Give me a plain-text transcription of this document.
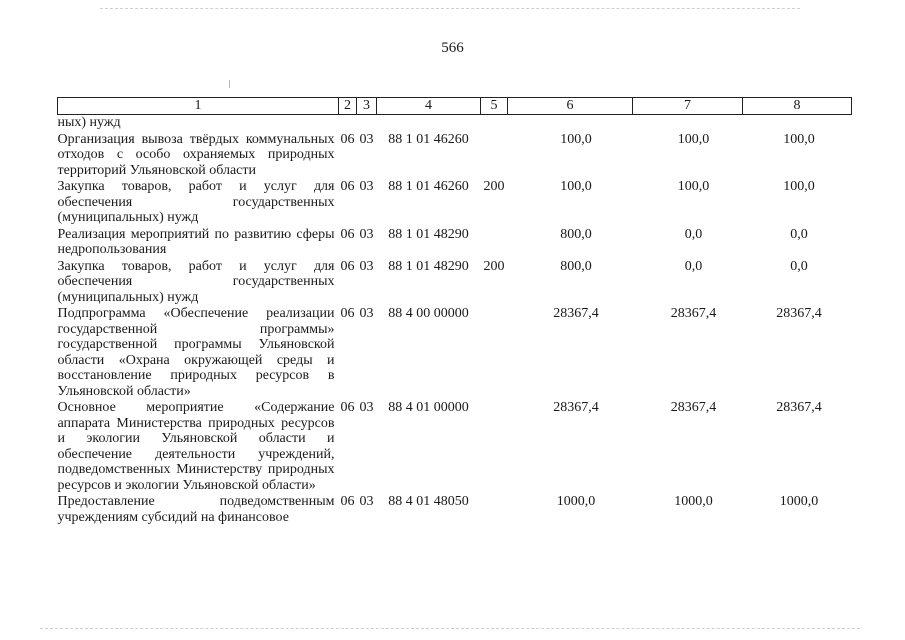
566
1	2	3	4	5	6	7	8
ных) нужд							
Организация вывоза твёрдых коммунальных отходов с особо охраняемых природных территорий Ульяновской области	06	03	88 1 01 46260		100,0	100,0	100,0
Закупка товаров, работ и услуг для обеспечения государственных (муниципальных) нужд	06	03	88 1 01 46260	200	100,0	100,0	100,0
Реализация мероприятий по развитию сферы недропользования	06	03	88 1 01 48290		800,0	0,0	0,0
Закупка товаров, работ и услуг для обеспечения государственных (муниципальных) нужд	06	03	88 1 01 48290	200	800,0	0,0	0,0
Подпрограмма «Обеспечение реализации государственной программы» государственной программы Ульяновской области «Охрана окружающей среды и восстановление природных ресурсов в Ульяновской области»	06	03	88 4 00 00000		28367,4	28367,4	28367,4
Основное мероприятие «Содержание аппарата Министерства природных ресурсов и экологии Ульяновской области и обеспечение деятельности учреждений, подведомственных Министерству природных ресурсов и экологии Ульяновской области»	06	03	88 4 01 00000		28367,4	28367,4	28367,4
Предоставление подведомственным учреждениям субсидий на финансовое	06	03	88 4 01 48050		1000,0	1000,0	1000,0
